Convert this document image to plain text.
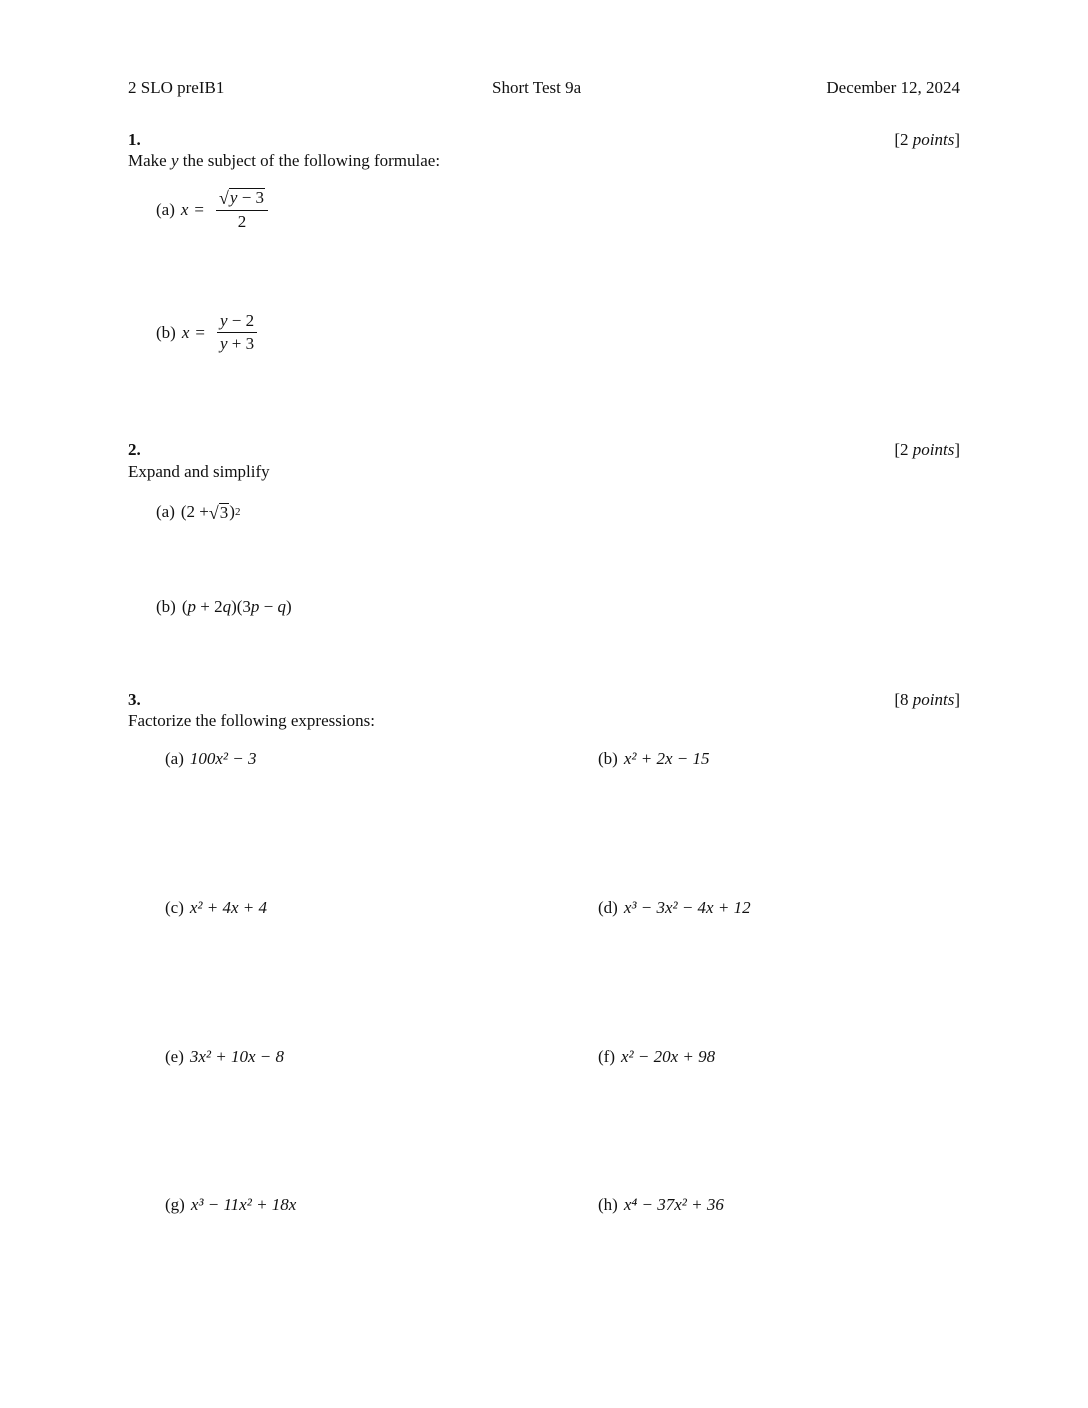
2 SLO preIB1	Short Test 9a	December 12, 2024
1.	[2 points]
Make y the subject of the following formulae:
(a) $x = \frac{√ y - 3}{2}$
(b) $x = \frac{y - 2}{y + 3}$
2.	[2 points]
Expand and simplify
(a) (2 + √ 3 ) 2
(b) (p + 2q)(3p − q)
3.	[8 points]
Factorize the following expressions:
(a) 100x² − 3	(b) x² + 2x − 15
(c) x² + 4x + 4	(d) x³ − 3x² − 4x + 12
(e) 3x² + 10x − 8	(f) x² − 20x + 98
(g) x³ − 11x² + 18x	(h) x⁴ − 37x² + 36
